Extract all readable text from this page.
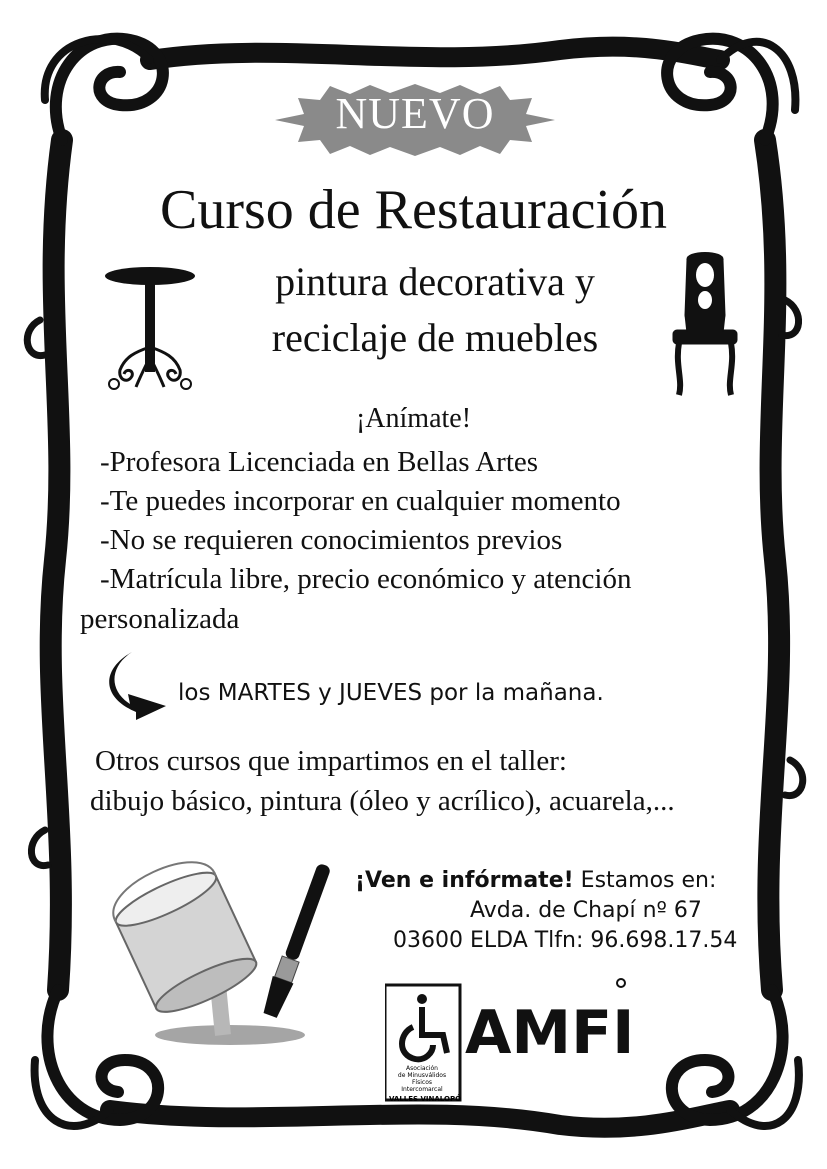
NUEVO
Curso de Restauración
pintura decorativa y
reciclaje de muebles
¡Anímate!
-Profesora Licenciada en Bellas Artes
-Te puedes incorporar en cualquier momento
-No se requieren conocimientos previos
-Matrícula libre, precio económico y atención
personalizada
los MARTES y JUEVES por la mañana.
Otros cursos que impartimos en el taller:
dibujo básico, pintura (óleo y acrílico), acuarela,...
¡Ven e infórmate! Estamos en:
Avda. de Chapí nº 67
03600 ELDA Tlfn: 96.698.17.54
Asociación
de Minusválidos
Físicos
Intercomarcal
VALLES VINALOPÓ
AMFI
